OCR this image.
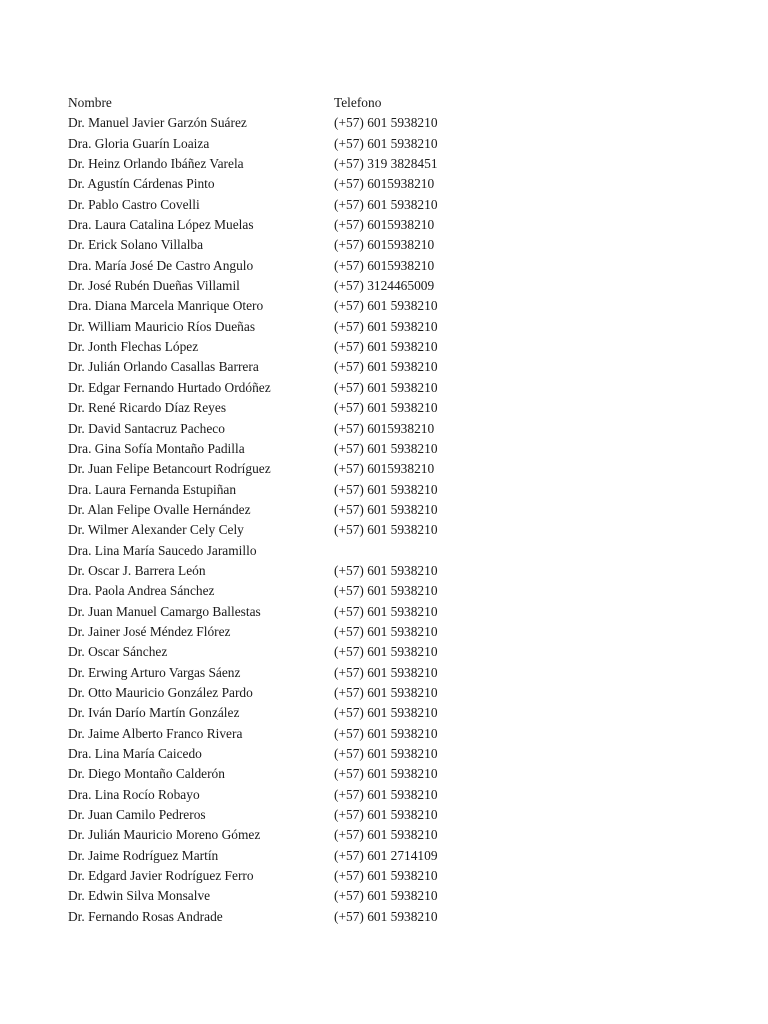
Nombre	Telefono
Dr. Manuel Javier Garzón Suárez	(+57) 601 5938210
Dra. Gloria Guarín Loaiza	(+57) 601 5938210
Dr. Heinz Orlando Ibáñez Varela	(+57) 319 3828451
Dr. Agustín Cárdenas Pinto	(+57) 6015938210
Dr. Pablo Castro Covelli	(+57) 601 5938210
Dra. Laura Catalina López Muelas	(+57) 6015938210
Dr. Erick Solano Villalba	(+57) 6015938210
Dra. María José De Castro Angulo	(+57) 6015938210
Dr. José Rubén Dueñas Villamil	(+57) 3124465009
Dra. Diana Marcela Manrique Otero	(+57) 601 5938210
Dr. William Mauricio Ríos Dueñas	(+57) 601 5938210
Dr. Jonth Flechas López	(+57) 601 5938210
Dr. Julián Orlando Casallas Barrera	(+57) 601 5938210
Dr. Edgar Fernando Hurtado Ordóñez	(+57) 601 5938210
Dr. René Ricardo Díaz Reyes	(+57) 601 5938210
Dr. David Santacruz Pacheco	(+57) 6015938210
Dra. Gina Sofía Montaño Padilla	(+57) 601 5938210
Dr. Juan Felipe Betancourt Rodríguez	(+57) 6015938210
Dra. Laura Fernanda Estupiñan	(+57) 601 5938210
Dr. Alan Felipe Ovalle Hernández	(+57) 601 5938210
Dr. Wilmer Alexander Cely Cely	(+57) 601 5938210
Dra. Lina María Saucedo Jaramillo
Dr. Oscar J. Barrera León	(+57) 601 5938210
Dra. Paola Andrea Sánchez	(+57) 601 5938210
Dr. Juan Manuel Camargo Ballestas	(+57) 601 5938210
Dr. Jainer José Méndez Flórez	(+57) 601 5938210
Dr. Oscar Sánchez	(+57) 601 5938210
Dr. Erwing Arturo Vargas Sáenz	(+57) 601 5938210
Dr. Otto Mauricio González Pardo	(+57) 601 5938210
Dr. Iván Darío Martín González	(+57) 601 5938210
Dr. Jaime Alberto Franco Rivera	(+57) 601 5938210
Dra. Lina María Caicedo	(+57) 601 5938210
Dr. Diego Montaño Calderón	(+57) 601 5938210
Dra. Lina Rocío Robayo	(+57) 601 5938210
Dr. Juan Camilo Pedreros	(+57) 601 5938210
Dr. Julián Mauricio Moreno Gómez	(+57) 601 5938210
Dr. Jaime Rodríguez Martín	(+57) 601 2714109
Dr. Edgard Javier Rodríguez Ferro	(+57) 601 5938210
Dr. Edwin Silva Monsalve	(+57) 601 5938210
Dr. Fernando Rosas Andrade	(+57) 601 5938210
